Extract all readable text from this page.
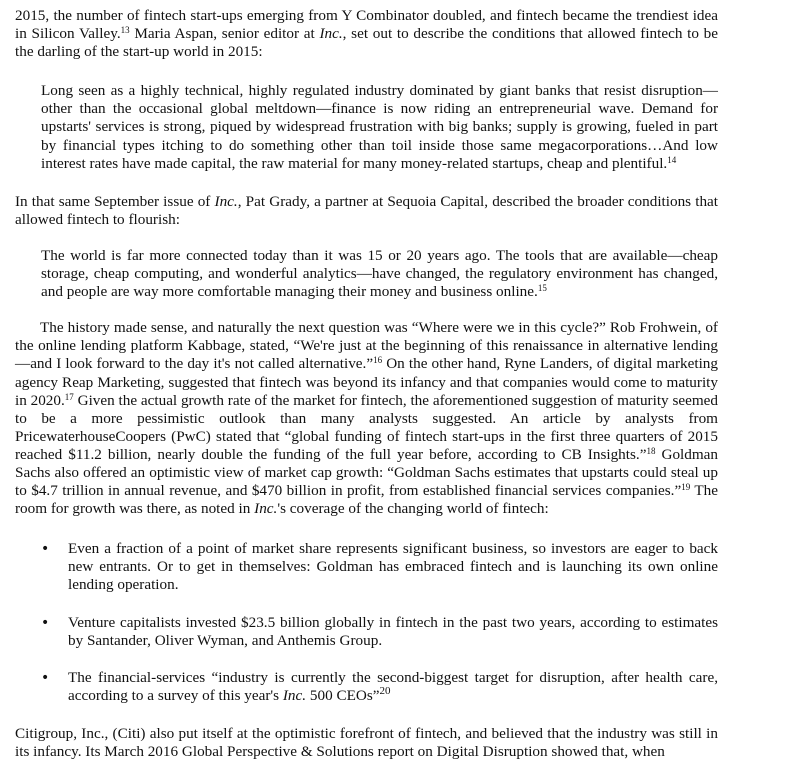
2015, the number of fintech start-ups emerging from Y Combinator doubled, and fintech became the trendiest idea in Silicon Valley.$^{13}$ Maria Aspan, senior editor at Inc., set out to describe the conditions that allowed fintech to be the darling of the start-up world in 2015:

Long seen as a highly technical, highly regulated industry dominated by giant banks that resist disruption—other than the occasional global meltdown—finance is now riding an entrepreneurial wave. Demand for upstarts' services is strong, piqued by widespread frustration with big banks; supply is growing, fueled in part by financial types itching to do something other than toil inside those same megacorporations…And low interest rates have made capital, the raw material for many money-related startups, cheap and plentiful.$^{14}$

In that same September issue of Inc., Pat Grady, a partner at Sequoia Capital, described the broader conditions that allowed fintech to flourish:

The world is far more connected today than it was 15 or 20 years ago. The tools that are available—cheap storage, cheap computing, and wonderful analytics—have changed, the regulatory environment has changed, and people are way more comfortable managing their money and business online.$^{15}$

The history made sense, and naturally the next question was “Where were we in this cycle?” Rob Frohwein, of the online lending platform Kabbage, stated, “We're just at the beginning of this renaissance in alternative lending—and I look forward to the day it's not called alternative.”$^{16}$ On the other hand, Ryne Landers, of digital marketing agency Reap Marketing, suggested that fintech was beyond its infancy and that companies would come to maturity in 2020.17 Given the actual growth rate of the market for fintech, the aforementioned suggestion of maturity seemed to be a more pessimistic outlook than many analysts suggested. An article by analysts from PricewaterhouseCoopers (PwC) stated that “global funding of fintech start-ups in the first three quarters of 2015 reached $11.2 billion, nearly double the funding of the full year before, according to CB Insights.”$^{18}$ Goldman Sachs also offered an optimistic view of market cap growth: “Goldman Sachs estimates that upstarts could steal up to $4.7 trillion in annual revenue, and $470 billion in profit, from established financial services companies.”$^{19}$ The room for growth was there, as noted in Inc.'s coverage of the changing world of fintech:

• Even a fraction of a point of market share represents significant business, so investors are eager to back new entrants. Or to get in themselves: Goldman has embraced fintech and is launching its own online lending operation.
• Venture capitalists invested $23.5 billion globally in fintech in the past two years, according to estimates by Santander, Oliver Wyman, and Anthemis Group.
• The financial-services “industry is currently the second-biggest target for disruption, after health care, according to a survey of this year's Inc. 500 CEOs”$^{20}$

Citigroup, Inc., (Citi) also put itself at the optimistic forefront of fintech, and believed that the industry was still in its infancy. Its March 2016 Global Perspective & Solutions report on Digital Disruption showed that, when
